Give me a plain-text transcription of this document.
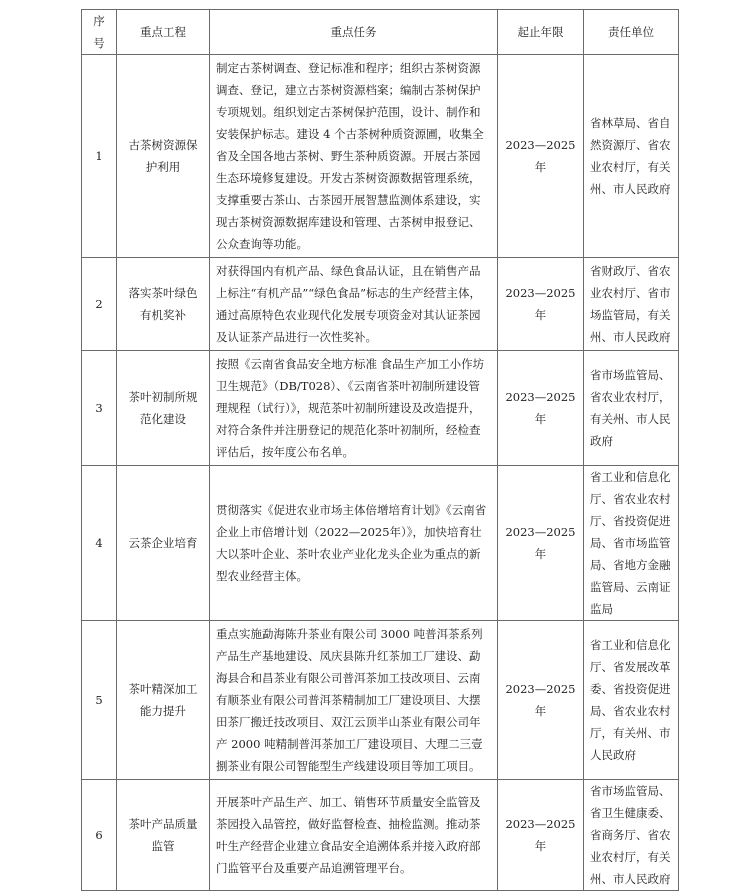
序号	重点工程	重点任务	起止年限	责任单位
1	古茶树资源保护利用	制定古茶树调查、登记标准和程序；组织古茶树资源调查、登记，建立古茶树资源档案；编制古茶树保护专项规划。组织划定古茶树保护范围，设计、制作和安装保护标志。建设 4 个古茶树种质资源圃，收集全省及全国各地古茶树、野生茶种质资源。开展古茶园生态环境修复建设。开发古茶树资源数据管理系统，支撑重要古茶山、古茶园开展智慧监测体系建设，实现古茶树资源数据库建设和管理、古茶树申报登记、公众查询等功能。	2023—2025年	省林草局、省自然资源厅、省农业农村厅，有关州、市人民政府
2	落实茶叶绿色有机奖补	对获得国内有机产品、绿色食品认证，且在销售产品上标注“有机产品”“绿色食品”标志的生产经营主体，通过高原特色农业现代化发展专项资金对其认证茶园及认证茶产品进行一次性奖补。	2023—2025年	省财政厅、省农业农村厅、省市场监管局，有关州、市人民政府
3	茶叶初制所规范化建设	按照《云南省食品安全地方标准 食品生产加工小作坊卫生规范》（DB/T028）、《云南省茶叶初制所建设管理规程（试行）》，规范茶叶初制所建设及改造提升，对符合条件并注册登记的规范化茶叶初制所，经检查评估后，按年度公布名单。	2023—2025年	省市场监管局、省农业农村厅，有关州、市人民政府
4	云茶企业培育	贯彻落实《促进农业市场主体倍增培育计划》《云南省企业上市倍增计划（2022—2025年）》，加快培育壮大以茶叶企业、茶叶农业产业化龙头企业为重点的新型农业经营主体。	2023—2025年	省工业和信息化厅、省农业农村厅、省投资促进局、省市场监管局、省地方金融监管局、云南证监局
5	茶叶精深加工能力提升	重点实施勐海陈升茶业有限公司 3000 吨普洱茶系列产品生产基地建设、凤庆县陈升红茶加工厂建设、勐海县合和昌茶业有限公司普洱茶加工技改项目、云南有顺茶业有限公司普洱茶精制加工厂建设项目、大摆田茶厂搬迁技改项目、双江云顶半山茶业有限公司年产 2000 吨精制普洱茶加工厂建设项目、大理二三壹捌茶业有限公司智能型生产线建设项目等加工项目。	2023—2025年	省工业和信息化厅、省发展改革委、省投资促进局、省农业农村厅，有关州、市人民政府
6	茶叶产品质量监管	开展茶叶产品生产、加工、销售环节质量安全监管及茶园投入品管控，做好监督检查、抽检监测。推动茶叶生产经营企业建立食品安全追溯体系并接入政府部门监管平台及重要产品追溯管理平台。	2023—2025年	省市场监管局、省卫生健康委、省商务厅、省农业农村厅，有关州、市人民政府
